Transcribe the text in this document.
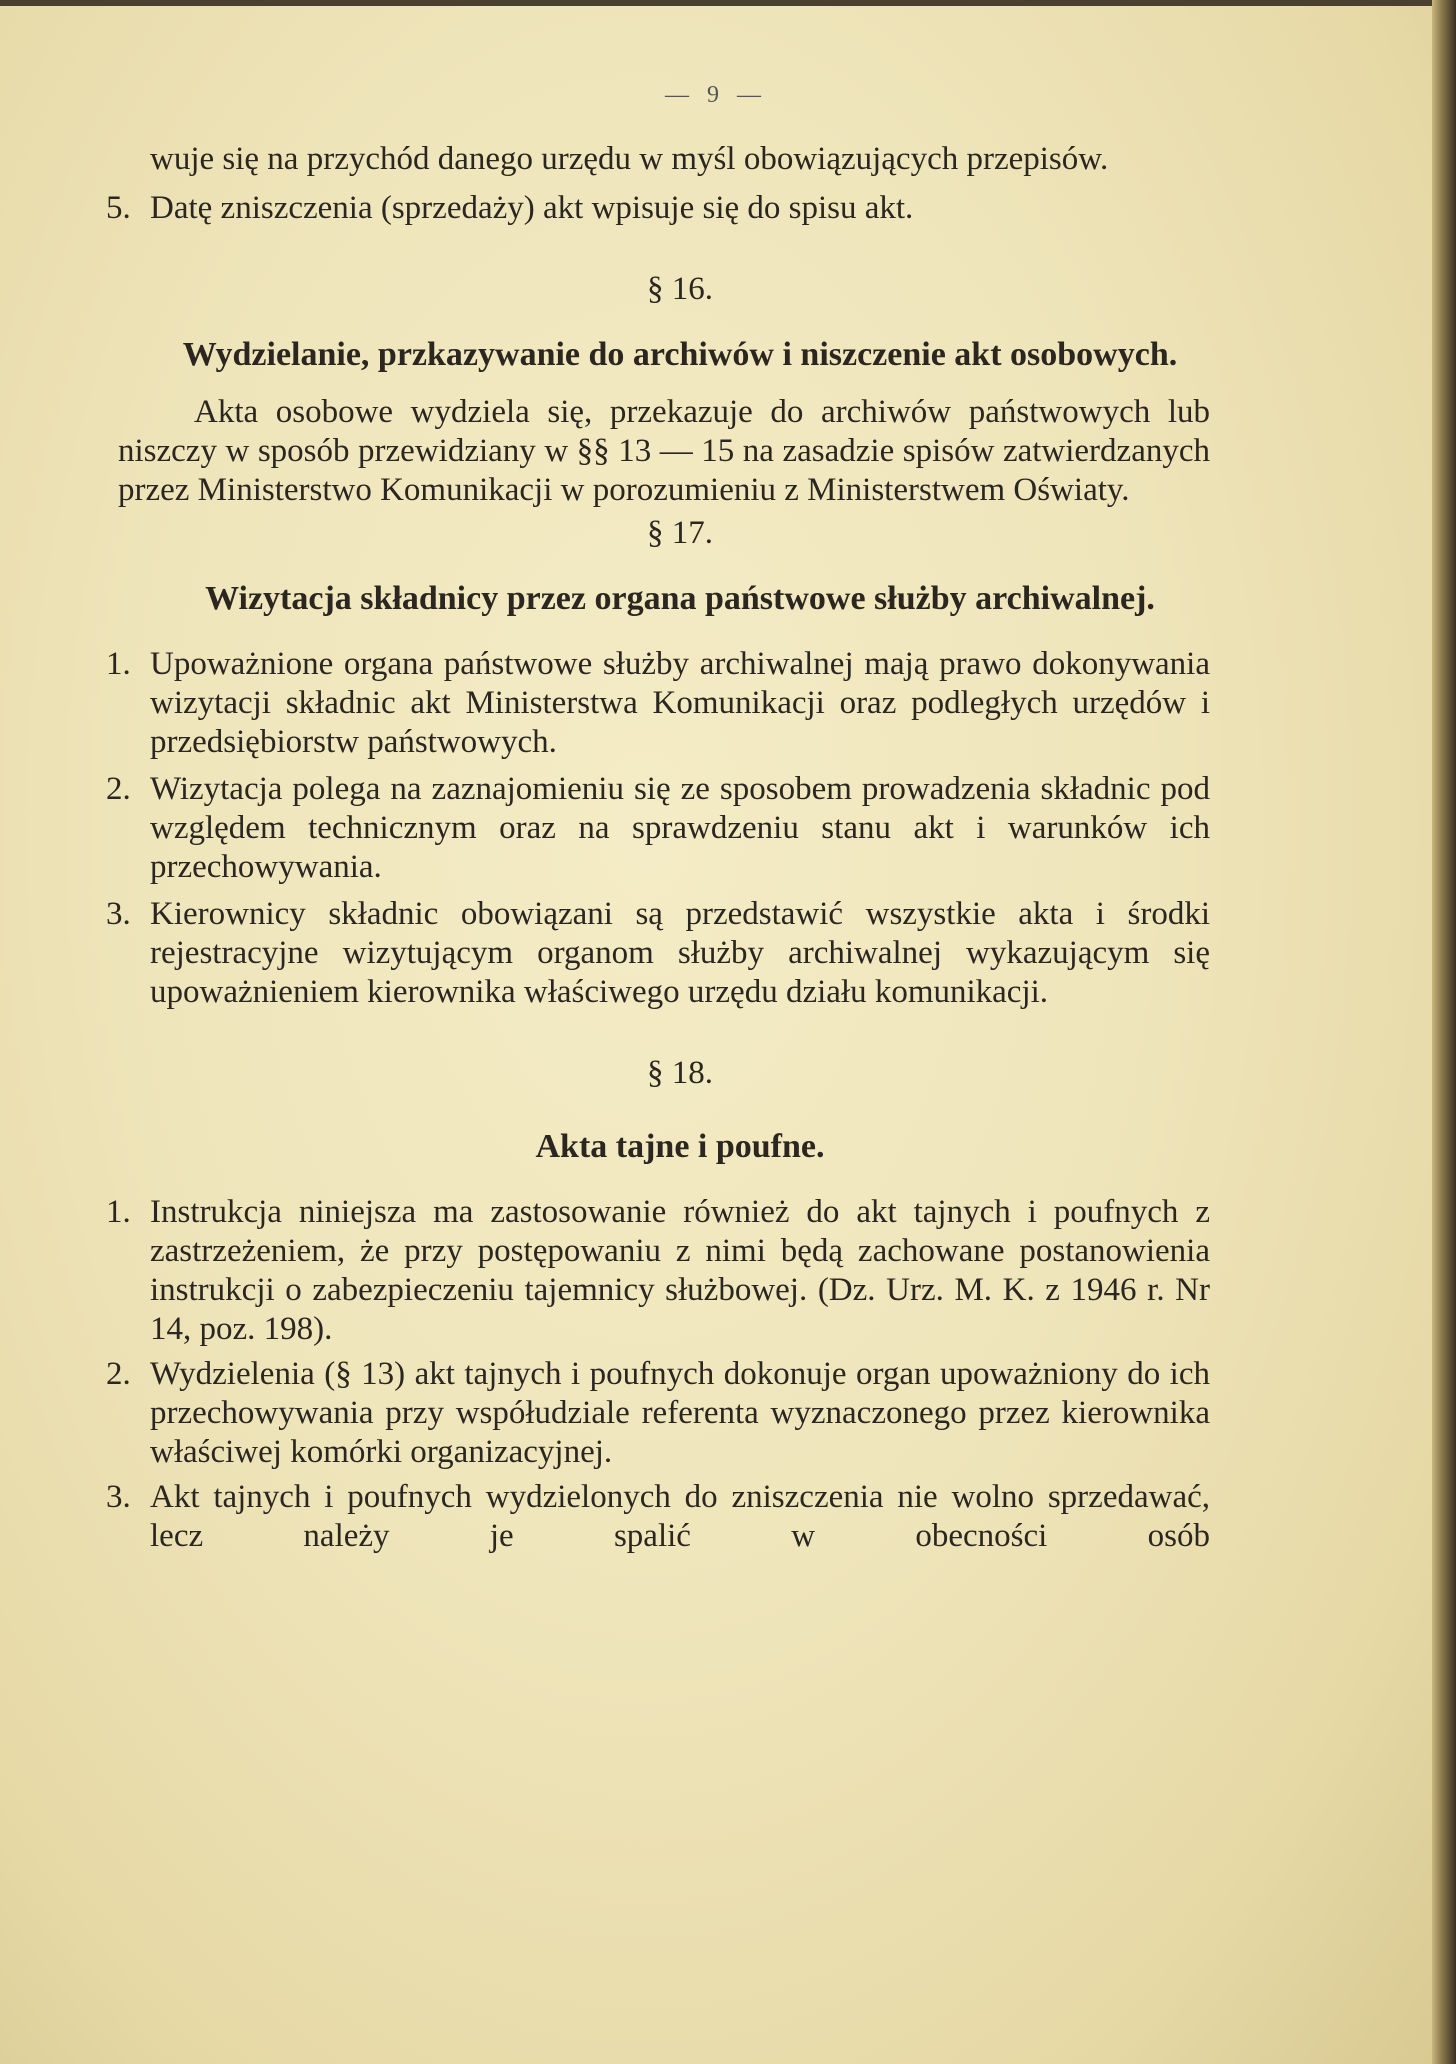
— 9 —

wuje się na przychód danego urzędu w myśl obowiązujących przepisów.

5. Datę zniszczenia (sprzedaży) akt wpisuje się do spisu akt.

§ 16.

Wydzielanie, przkazywanie do archiwów i niszczenie akt osobowych.

Akta osobowe wydziela się, przekazuje do archiwów państwowych lub niszczy w sposób przewidziany w §§ 13 — 15 na zasadzie spisów zatwierdzanych przez Ministerstwo Komunikacji w porozumieniu z Ministerstwem Oświaty.

§ 17.

Wizytacja składnicy przez organa państwowe służby archiwalnej.

1. Upoważnione organa państwowe służby archiwalnej mają prawo dokonywania wizytacji składnic akt Ministerstwa Komunikacji oraz podległych urzędów i przedsiębiorstw państwowych.
2. Wizytacja polega na zaznajomieniu się ze sposobem prowadzenia składnic pod względem technicznym oraz na sprawdzeniu stanu akt i warunków ich przechowywania.
3. Kierownicy składnic obowiązani są przedstawić wszystkie akta i środki rejestracyjne wizytującym organom służby archiwalnej wykazującym się upoważnieniem kierownika właściwego urzędu działu komunikacji.

§ 18.

Akta tajne i poufne.

1. Instrukcja niniejsza ma zastosowanie również do akt tajnych i poufnych z zastrzeżeniem, że przy postępowaniu z nimi będą zachowane postanowienia instrukcji o zabezpieczeniu tajemnicy służbowej. (Dz. Urz. M. K. z 1946 r. Nr 14, poz. 198).
2. Wydzielenia (§ 13) akt tajnych i poufnych dokonuje organ upoważniony do ich przechowywania przy współudziale referenta wyznaczonego przez kierownika właściwej komórki organizacyjnej.
3. Akt tajnych i poufnych wydzielonych do zniszczenia nie wolno sprzedawać, lecz należy je spalić w obecności osób
